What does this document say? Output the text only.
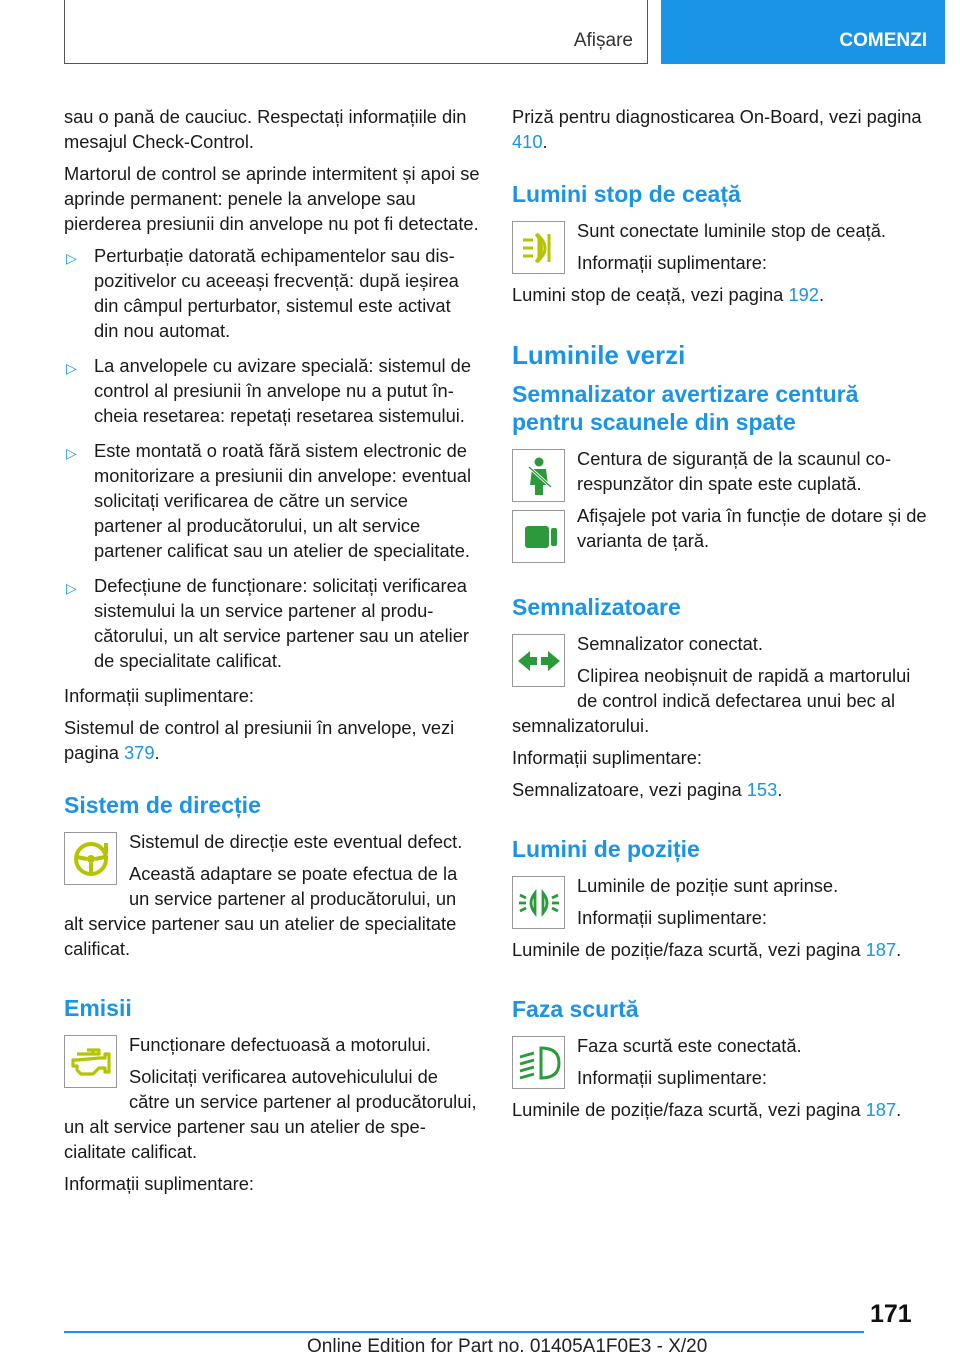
Afișare	COMENZI

sau o pană de cauciuc. Respectați informațiile din mesajul Check-Control.

Martorul de control se aprinde intermitent și apoi se aprinde permanent: penele la anvelope sau pierderea presiunii din anvelope nu pot fi detectate.

▷ Perturbație datorată echipamentelor sau dispozitivelor cu aceeași frecvență: după ieșirea din câmpul perturbator, sistemul este activat din nou automat.
▷ La anvelopele cu avizare specială: sistemul de control al presiunii în anvelope nu a putut încheia resetarea: repetați resetarea sistemului.
▷ Este montată o roată fără sistem electronic de monitorizare a presiunii din anvelope: eventual solicitați verificarea de către un service partener al producătorului, un alt service partener calificat sau un atelier de specialitate.
▷ Defecțiune de funcționare: solicitați verificarea sistemului la un service partener al producătorului, un alt service partener sau un atelier de specialitate calificat.

Informații suplimentare:

Sistemul de control al presiunii în anvelope, vezi pagina 379.

Sistem de direcție

Sistemul de direcție este eventual defect.

Această adaptare se poate efectua de la un service partener al producătorului, un alt service partener sau un atelier de specialitate calificat.

Emisii

Funcționare defectuoasă a motorului.

Solicitați verificarea autovehiculului de către un service partener al producătorului, un alt service partener sau un atelier de specialitate calificat.

Informații suplimentare:

Priză pentru diagnosticarea On-Board, vezi pagina 410.

Lumini stop de ceață

Sunt conectate luminile stop de ceață.

Informații suplimentare:

Lumini stop de ceață, vezi pagina 192.

Luminile verzi
Semnalizator avertizare centură pentru scaunele din spate

Centura de siguranță de la scaunul corespunzător din spate este cuplată.

Afișajele pot varia în funcție de dotare și de varianta de țară.

Semnalizatoare

Semnalizator conectat.

Clipirea neobișnuit de rapidă a martorului de control indică defectarea unui bec al semnalizatorului.

Informații suplimentare:

Semnalizatoare, vezi pagina 153.

Lumini de poziție

Luminile de poziție sunt aprinse.

Informații suplimentare:

Luminile de poziție/faza scurtă, vezi pagina 187.

Faza scurtă

Faza scurtă este conectată.

Informații suplimentare:

Luminile de poziție/faza scurtă, vezi pagina 187.

171
Online Edition for Part no. 01405A1F0E3 - X/20
